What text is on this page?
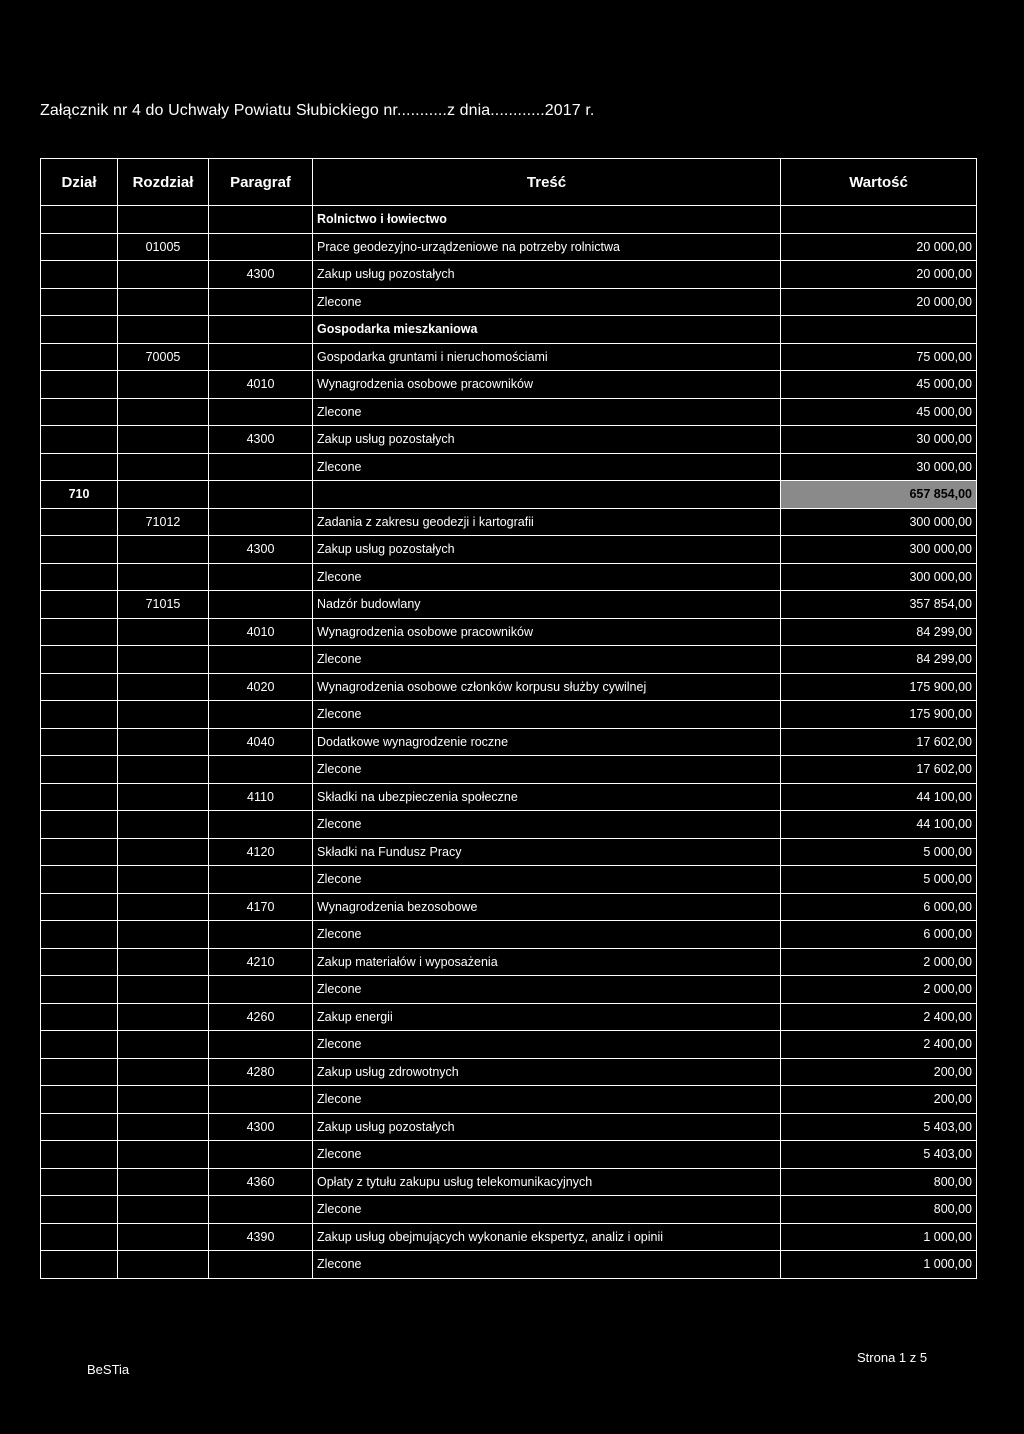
Załącznik nr 4 do Uchwały Powiatu Słubickiego nr...........z dnia............2017 r.
Dział	Rozdział	Paragraf	Treść	Wartość
			Rolnictwo i łowiectwo	
	01005		Prace geodezyjno-urządzeniowe na potrzeby rolnictwa	20 000,00
		4300	Zakup usług pozostałych	20 000,00
			Zlecone	20 000,00
			Gospodarka mieszkaniowa	
	70005		Gospodarka gruntami i nieruchomościami	75 000,00
		4010	Wynagrodzenia osobowe pracowników	45 000,00
			Zlecone	45 000,00
		4300	Zakup usług pozostałych	30 000,00
			Zlecone	30 000,00
710				657 854,00
	71012		Zadania z zakresu geodezji i kartografii	300 000,00
		4300	Zakup usług pozostałych	300 000,00
			Zlecone	300 000,00
	71015		Nadzór budowlany	357 854,00
		4010	Wynagrodzenia osobowe pracowników	84 299,00
			Zlecone	84 299,00
		4020	Wynagrodzenia osobowe członków korpusu służby cywilnej	175 900,00
			Zlecone	175 900,00
		4040	Dodatkowe wynagrodzenie roczne	17 602,00
			Zlecone	17 602,00
		4110	Składki na ubezpieczenia społeczne	44 100,00
			Zlecone	44 100,00
		4120	Składki na Fundusz Pracy	5 000,00
			Zlecone	5 000,00
		4170	Wynagrodzenia bezosobowe	6 000,00
			Zlecone	6 000,00
		4210	Zakup materiałów i wyposażenia	2 000,00
			Zlecone	2 000,00
		4260	Zakup energii	2 400,00
			Zlecone	2 400,00
		4280	Zakup usług zdrowotnych	200,00
			Zlecone	200,00
		4300	Zakup usług pozostałych	5 403,00
			Zlecone	5 403,00
		4360	Opłaty z tytułu zakupu usług telekomunikacyjnych	800,00
			Zlecone	800,00
		4390	Zakup usług obejmujących wykonanie ekspertyz, analiz i opinii	1 000,00
			Zlecone	1 000,00
BeSTia
Strona 1 z 5
